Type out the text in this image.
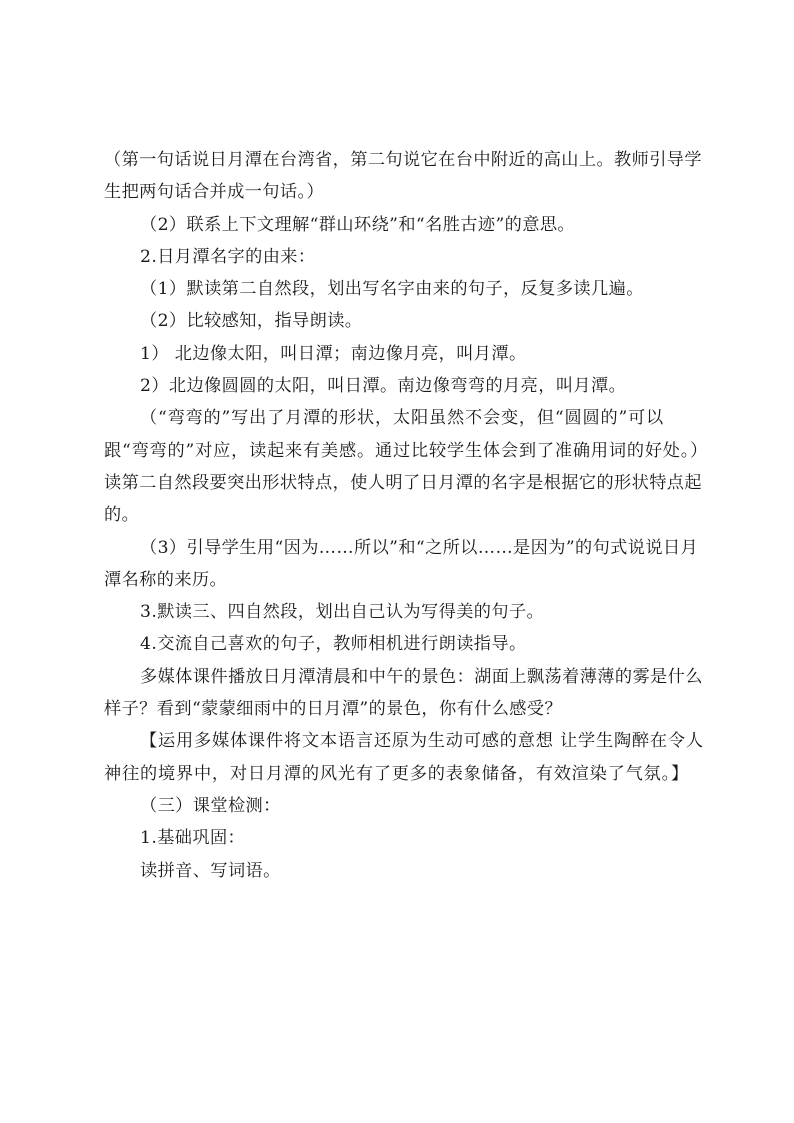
（第一句话说日月潭在台湾省，第二句说它在台中附近的高山上。教师引导学生把两句话合并成一句话。）

（2）联系上下文理解“群山环绕”和“名胜古迹”的意思。

2.日月潭名字的由来：

（1）默读第二自然段，划出写名字由来的句子，反复多读几遍。

（2）比较感知，指导朗读。

1） 北边像太阳，叫日潭；南边像月亮，叫月潭。

2）北边像圆圆的太阳，叫日潭。南边像弯弯的月亮，叫月潭。

（“弯弯的”写出了月潭的形状，太阳虽然不会变，但“圆圆的”可以跟“弯弯的”对应，读起来有美感。通过比较学生体会到了准确用词的好处。）

读第二自然段要突出形状特点，使人明了日月潭的名字是根据它的形状特点起的。

（3）引导学生用“因为……所以”和“之所以……是因为”的句式说说日月潭名称的来历。

3.默读三、四自然段，划出自己认为写得美的句子。

4.交流自己喜欢的句子，教师相机进行朗读指导。

多媒体课件播放日月潭清晨和中午的景色：湖面上飘荡着薄薄的雾是什么样子？看到“蒙蒙细雨中的日月潭”的景色，你有什么感受？

【运用多媒体课件将文本语言还原为生动可感的意想 让学生陶醉在令人神往的境界中，对日月潭的风光有了更多的表象储备，有效渲染了气氛。】

（三）课堂检测：

1.基础巩固：

读拼音、写词语。
